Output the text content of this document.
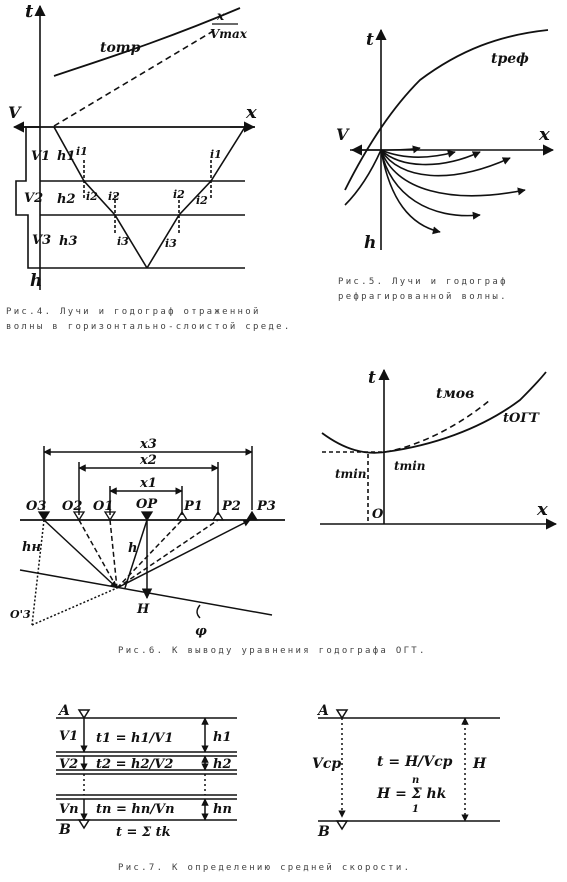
t
x
V
h
tотр
x
Vmax
V1
V2
V3
h1
h2
h3
i1
i2 i2
i3
i1
i2 i2
i3
t
x
V
h
tреф
x3
x2
x1
O3 O2 O1 OP P1 P2 P3
hн	h
H
O'3
φ
t
x
O
tмов
tОГТ
tmin
tmin
A
B
V1
V2
Vn
t1 = h1/V1
t2 = h2/V2
tn = hn/Vn
t = Σ tk
h1
h2
hn
A
B
Vср	t = H/Vср
H = Σ hk
n
1
H
Рис.4. Лучи и годограф отраженной
волны в горизонтально-слоистой среде.
Рис.5. Лучи и годограф
рефрагированной волны.
Рис.6. К выводу уравнения годографа ОГТ.
Рис.7. К определению средней скорости.
